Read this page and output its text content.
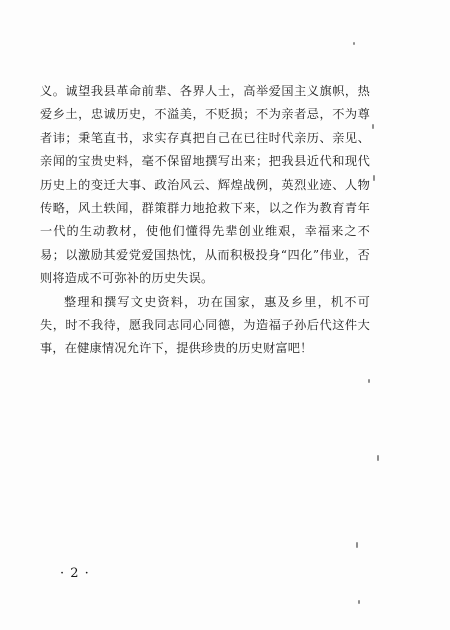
义。诚望我县革命前辈、各界人士，高举爱国主义旗帜，热爱乡土，忠诚历史，不溢美，不贬损；不为亲者忌，不为尊者讳；秉笔直书，求实存真把自己在已往时代亲历、亲见、亲闻的宝贵史料，毫不保留地撰写出来；把我县近代和现代历史上的变迁大事、政治风云、辉煌战例，英烈业迹、人物传略，风土轶闻，群策群力地抢救下来，以之作为教育青年一代的生动教材，使他们懂得先辈创业维艰，幸福来之不易；以激励其爱党爱国热忱，从而积极投身“四化”伟业，否则将造成不可弥补的历史失误。

整理和撰写文史资料，功在国家，惠及乡里，机不可失，时不我待，愿我同志同心同德，为造福子孙后代这件大事，在健康情况允许下，提供珍贵的历史财富吧！

· 2 ·
